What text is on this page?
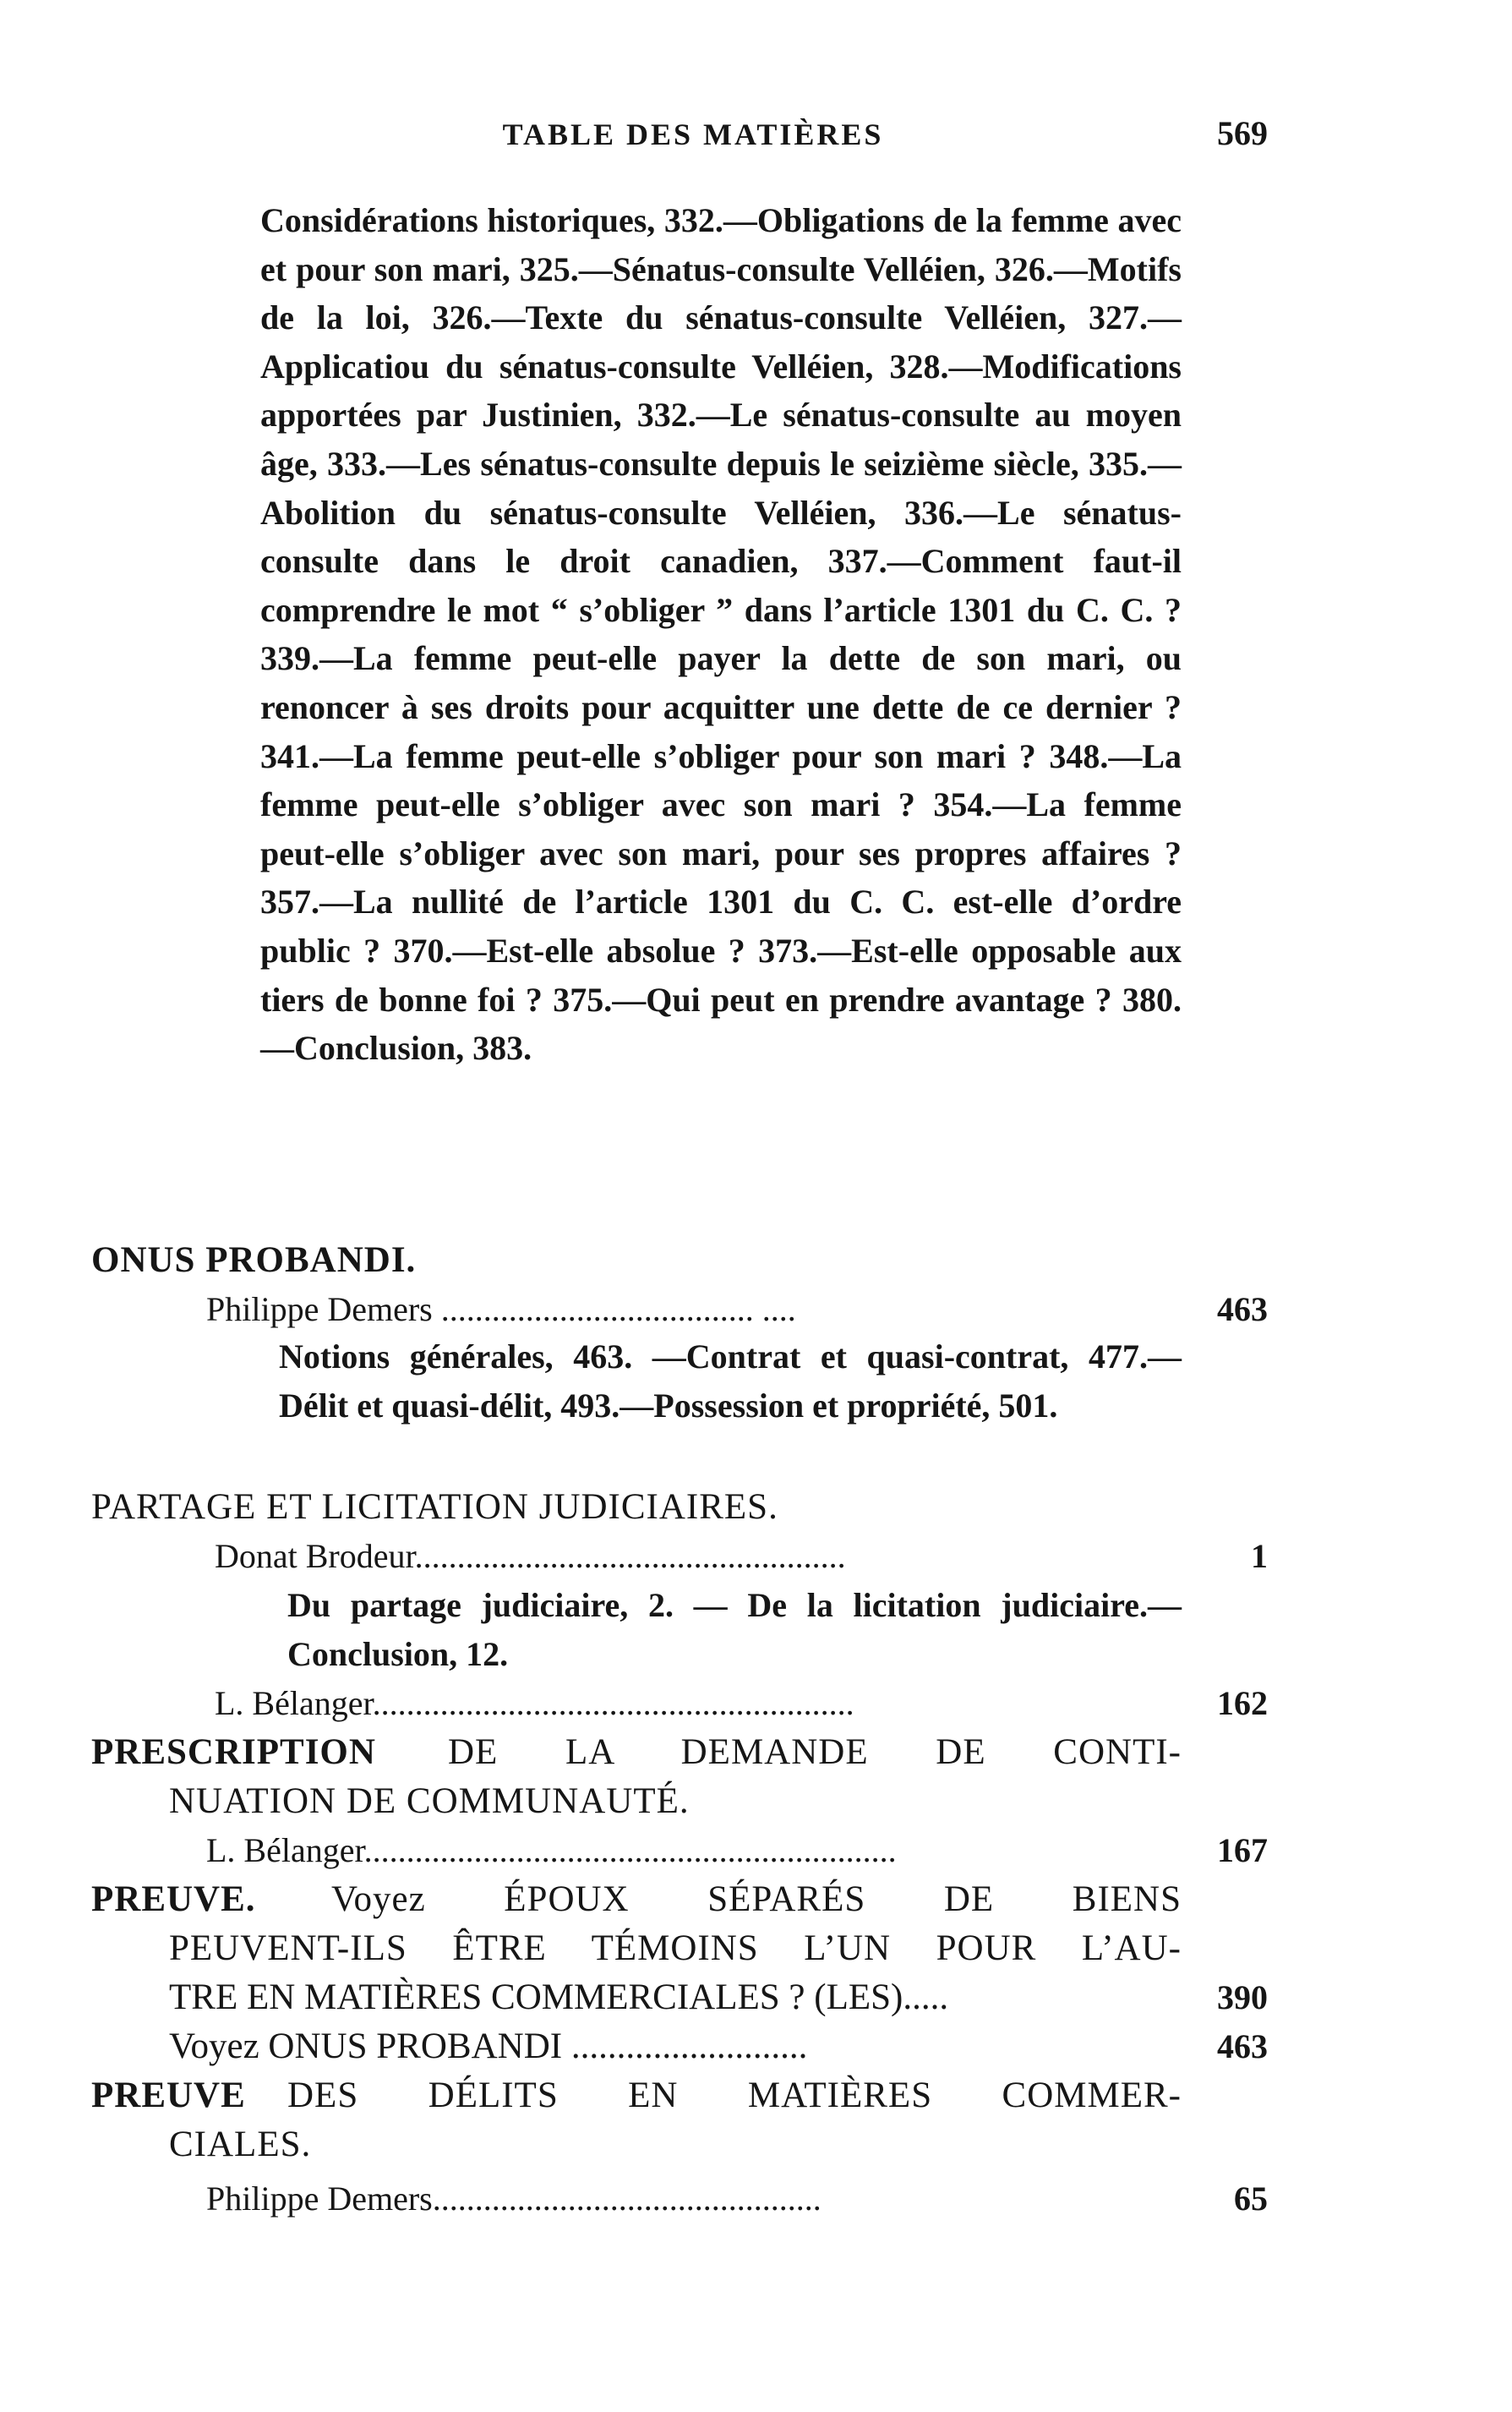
TABLE DES MATIÈRES	569
Considérations historiques, 332.—Obligations de la femme avec et pour son mari, 325.—Sénatus-consulte Velléien, 326.—Motifs de la loi, 326.—Texte du sénatus-consulte Velléien, 327.—Applicatiou du sénatus-consulte Velléien, 328.—Modifications apportées par Justinien, 332.—Le sénatus-consulte au moyen âge, 333.—Les sénatus-consulte depuis le seizième siècle, 335.—Abolition du sénatus-consulte Velléien, 336.—Le sénatus-consulte dans le droit canadien, 337.—Comment faut-il comprendre le mot “ s’obliger ” dans l’article 1301 du C. C. ? 339.—La femme peut-elle payer la dette de son mari, ou renoncer à ses droits pour acquitter une dette de ce dernier ? 341.—La femme peut-elle s’obliger pour son mari ? 348.—La femme peut-elle s’obliger avec son mari ? 354.—La femme peut-elle s’obliger avec son mari, pour ses propres affaires ? 357.—La nullité de l’article 1301 du C. C. est-elle d’ordre public ? 370.—Est-elle absolue ? 373.—Est-elle opposable aux tiers de bonne foi ? 375.—Qui peut en prendre avantage ? 380.—Conclusion, 383.
ONUS PROBANDI.
Philippe Demers ..................................... ....	463
Notions générales, 463. —Contrat et quasi-contrat, 477.—Délit et quasi-délit, 493.—Possession et propriété, 501.
PARTAGE ET LICITATION JUDICIAIRES.
Donat Brodeur...................................................	1
Du partage judiciaire, 2. — De la licitation judiciaire.—Conclusion, 12.
L. Bélanger.........................................................	162
PRESCRIPTION	DE LA DEMANDE DE CONTI-
NUATION DE COMMUNAUTÉ.
L. Bélanger...............................................................	167
PREUVE. Voyez ÉPOUX SÉPARÉS DE BIENS
PEUVENT-ILS ÊTRE TÉMOINS L’UN POUR L’AU-
TRE EN MATIÈRES COMMERCIALES ? (LES).....	390
Voyez ONUS PROBANDI ..........................	463
PREUVE DES DÉLITS EN MATIÈRES COMMER-
CIALES.
Philippe Demers..............................................	65
